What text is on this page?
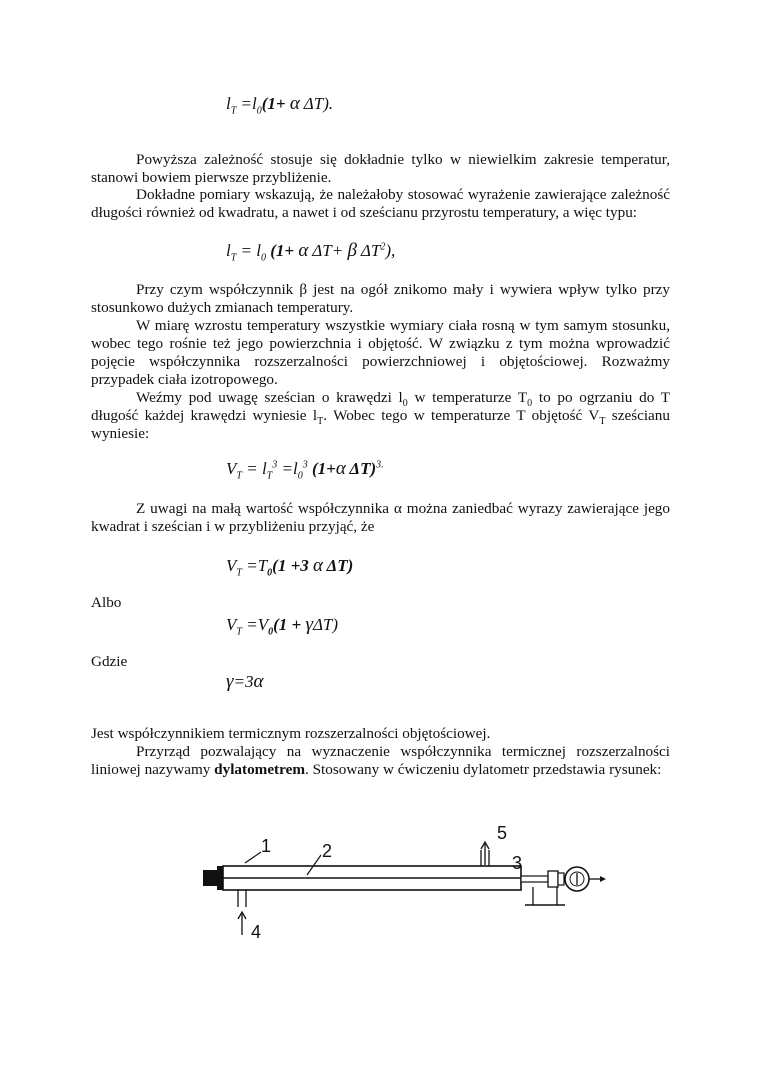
$l_T =l_0(1+ \alpha$ ΔT).

Powyższa zależność stosuje się dokładnie tylko w niewielkim zakresie temperatur, stanowi bowiem pierwsze przybliżenie.

Dokładne pomiary wskazują, że należałoby stosować wyrażenie zawierające zależność długości również od kwadratu, a nawet i od sześcianu przyrostu temperatury, a więc typu:

$l_T = l_0$ (1+ α ΔT+ β $\Delta T^2$),

Przy czym współczynnik β jest na ogół znikomo mały i wywiera wpływ tylko przy stosunkowo dużych zmianach temperatury.

W miarę wzrostu temperatury wszystkie wymiary ciała rosną w tym samym stosunku, wobec tego rośnie też jego powierzchnia i objętość. W związku z tym można wprowadzić pojęcie współczynnika rozszerzalności powierzchniowej i objętościowej. Rozważmy przypadek ciała izotropowego.

Weźmy pod uwagę sześcian o krawędzi $l_0$ w temperaturze $T_0$ to po ogrzaniu do T długość każdej krawędzi wyniesie $l_T$. Wobec tego w temperaturze T objętość $V_T$ sześcianu wyniesie:

$V_T = l_T^3 =l_0^3$ (1+α ΔT)$^{3.}$

Z uwagi na małą wartość współczynnika α można zaniedbać wyrazy zawierające jego kwadrat i sześcian i w przybliżeniu przyjąć, że

$V_T =T_0(1 +3$ α ΔT)
Albo
$V_T =V_0(1 + \gamma\Delta T)$
Gdzie
γ=3α

Jest współczynnikiem termicznym rozszerzalności objętościowej.

Przyrząd pozwalający na wyznaczenie współczynnika termicznej rozszerzalności liniowej nazywamy dylatometrem. Stosowany w ćwiczeniu dylatometr przedstawia rysunek:

1	2
3
4
5
